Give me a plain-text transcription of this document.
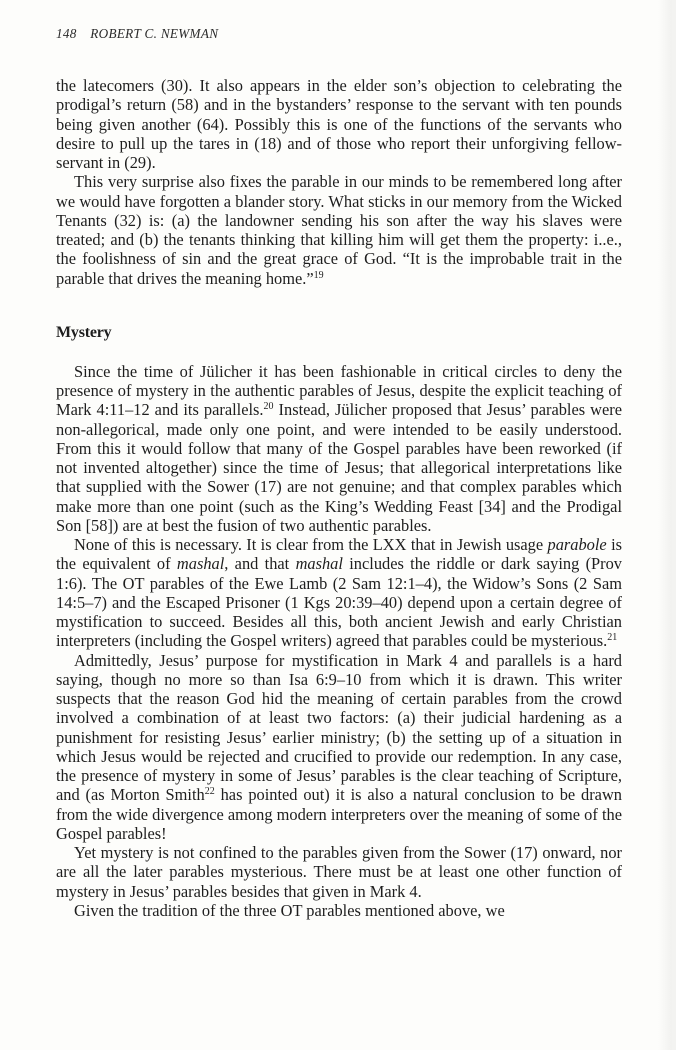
148 ROBERT C. NEWMAN

the latecomers (30). It also appears in the elder son’s objection to celebrating the prodigal’s return (58) and in the bystanders’ response to the servant with ten pounds being given another (64). Possibly this is one of the functions of the servants who desire to pull up the tares in (18) and of those who report their unforgiving fellow-servant in (29).

This very surprise also fixes the parable in our minds to be remembered long after we would have forgotten a blander story. What sticks in our memory from the Wicked Tenants (32) is: (a) the landowner sending his son after the way his slaves were treated; and (b) the tenants thinking that killing him will get them the property: i..e., the foolishness of sin and the great grace of God. “It is the improbable trait in the parable that drives the meaning home.”$^{19}$

Mystery

Since the time of Jülicher it has been fashionable in critical circles to deny the presence of mystery in the authentic parables of Jesus, despite the explicit teaching of Mark 4:11–12 and its parallels.$^{20}$ Instead, Jülicher proposed that Jesus’ parables were non-allegorical, made only one point, and were intended to be easily understood. From this it would follow that many of the Gospel parables have been reworked (if not invented altogether) since the time of Jesus; that allegorical interpretations like that supplied with the Sower (17) are not genuine; and that complex parables which make more than one point (such as the King’s Wedding Feast [34] and the Prodigal Son [58]) are at best the fusion of two authentic parables.

None of this is necessary. It is clear from the LXX that in Jewish usage parabole is the equivalent of mashal, and that mashal includes the riddle or dark saying (Prov 1:6). The OT parables of the Ewe Lamb (2 Sam 12:1–4), the Widow’s Sons (2 Sam 14:5–7) and the Escaped Prisoner (1 Kgs 20:39–40) depend upon a certain degree of mystification to succeed. Besides all this, both ancient Jewish and early Christian interpreters (including the Gospel writers) agreed that parables could be mysterious.$^{21}$

Admittedly, Jesus’ purpose for mystification in Mark 4 and parallels is a hard saying, though no more so than Isa 6:9–10 from which it is drawn. This writer suspects that the reason God hid the meaning of certain parables from the crowd involved a combination of at least two factors: (a) their judicial hardening as a punishment for resisting Jesus’ earlier ministry; (b) the setting up of a situation in which Jesus would be rejected and crucified to provide our redemption. In any case, the presence of mystery in some of Jesus’ parables is the clear teaching of Scripture, and (as Morton Smith$^{22}$ has pointed out) it is also a natural conclusion to be drawn from the wide divergence among modern interpreters over the meaning of some of the Gospel parables!

Yet mystery is not confined to the parables given from the Sower (17) onward, nor are all the later parables mysterious. There must be at least one other function of mystery in Jesus’ parables besides that given in Mark 4.

Given the tradition of the three OT parables mentioned above, we
